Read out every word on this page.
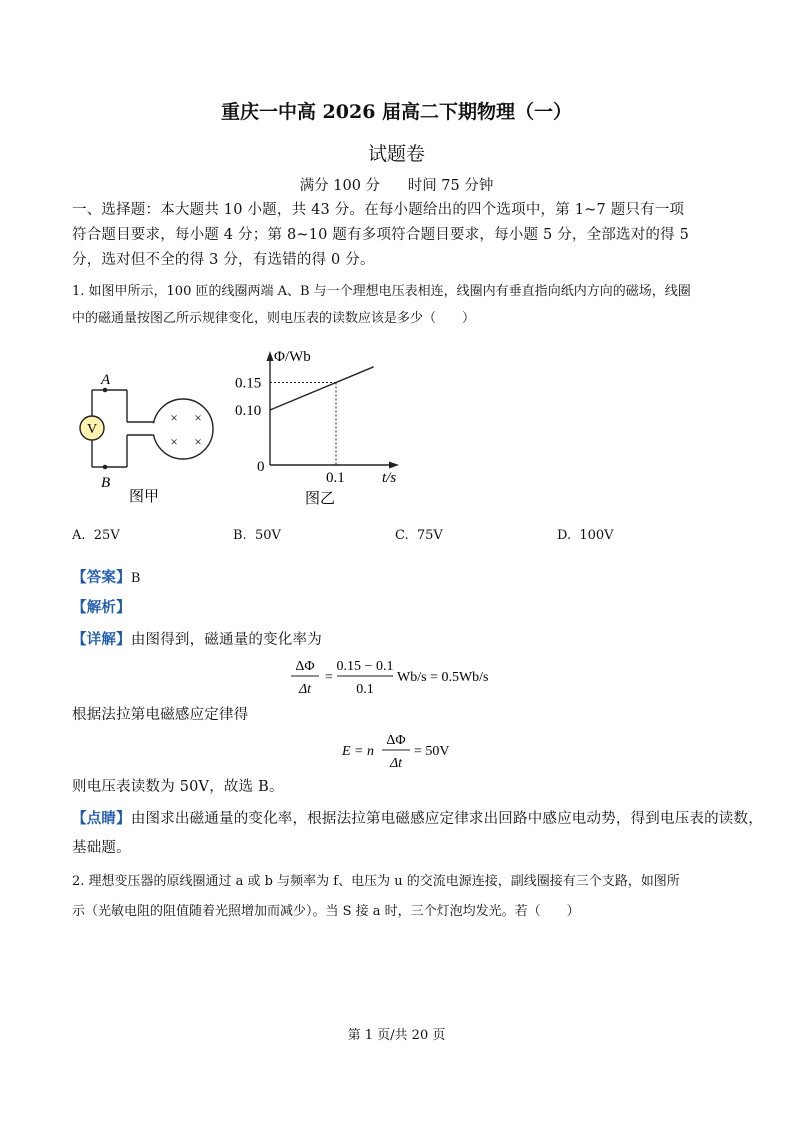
重庆一中高 2026 届高二下期物理（一）
试题卷
满分 100 分      时间 75 分钟
一、选择题：本大题共 10 小题，共 43 分。在每小题给出的四个选项中，第 1~7 题只有一项
符合题目要求，每小题 4 分；第 8~10 题有多项符合题目要求，每小题 5 分，全部选对的得 5
分，选对但不全的得 3 分，有选错的得 0 分。
1. 如图甲所示，100 匝的线圈两端 A、B 与一个理想电压表相连，线圈内有垂直指向纸内方向的磁场，线圈
中的磁通量按图乙所示规律变化，则电压表的读数应该是多少（　　）
V
A
B
× ×
× ×
图甲
Φ/Wb
0.15
0.10
0
0.1 t/s
图乙
A.  25V	B.  50V	C.  75V	D.  100V
【答案】B
【解析】
【详解】由图得到，磁通量的变化率为
ΔΦ
Δt
=
0.15 − 0.1
0.1
Wb/s = 0.5Wb/s
根据法拉第电磁感应定律得
E = n
ΔΦ
Δt
= 50V
则电压表读数为 50V，故选 B。
【点睛】由图求出磁通量的变化率，根据法拉第电磁感应定律求出回路中感应电动势，得到电压表的读数，
基础题。
2. 理想变压器的原线圈通过 a 或 b 与频率为 f、电压为 u 的交流电源连接，副线圈接有三个支路，如图所
示（光敏电阻的阻值随着光照增加而减少）。当 S 接 a 时，三个灯泡均发光。若（　　）
第 1 页/共 20 页
